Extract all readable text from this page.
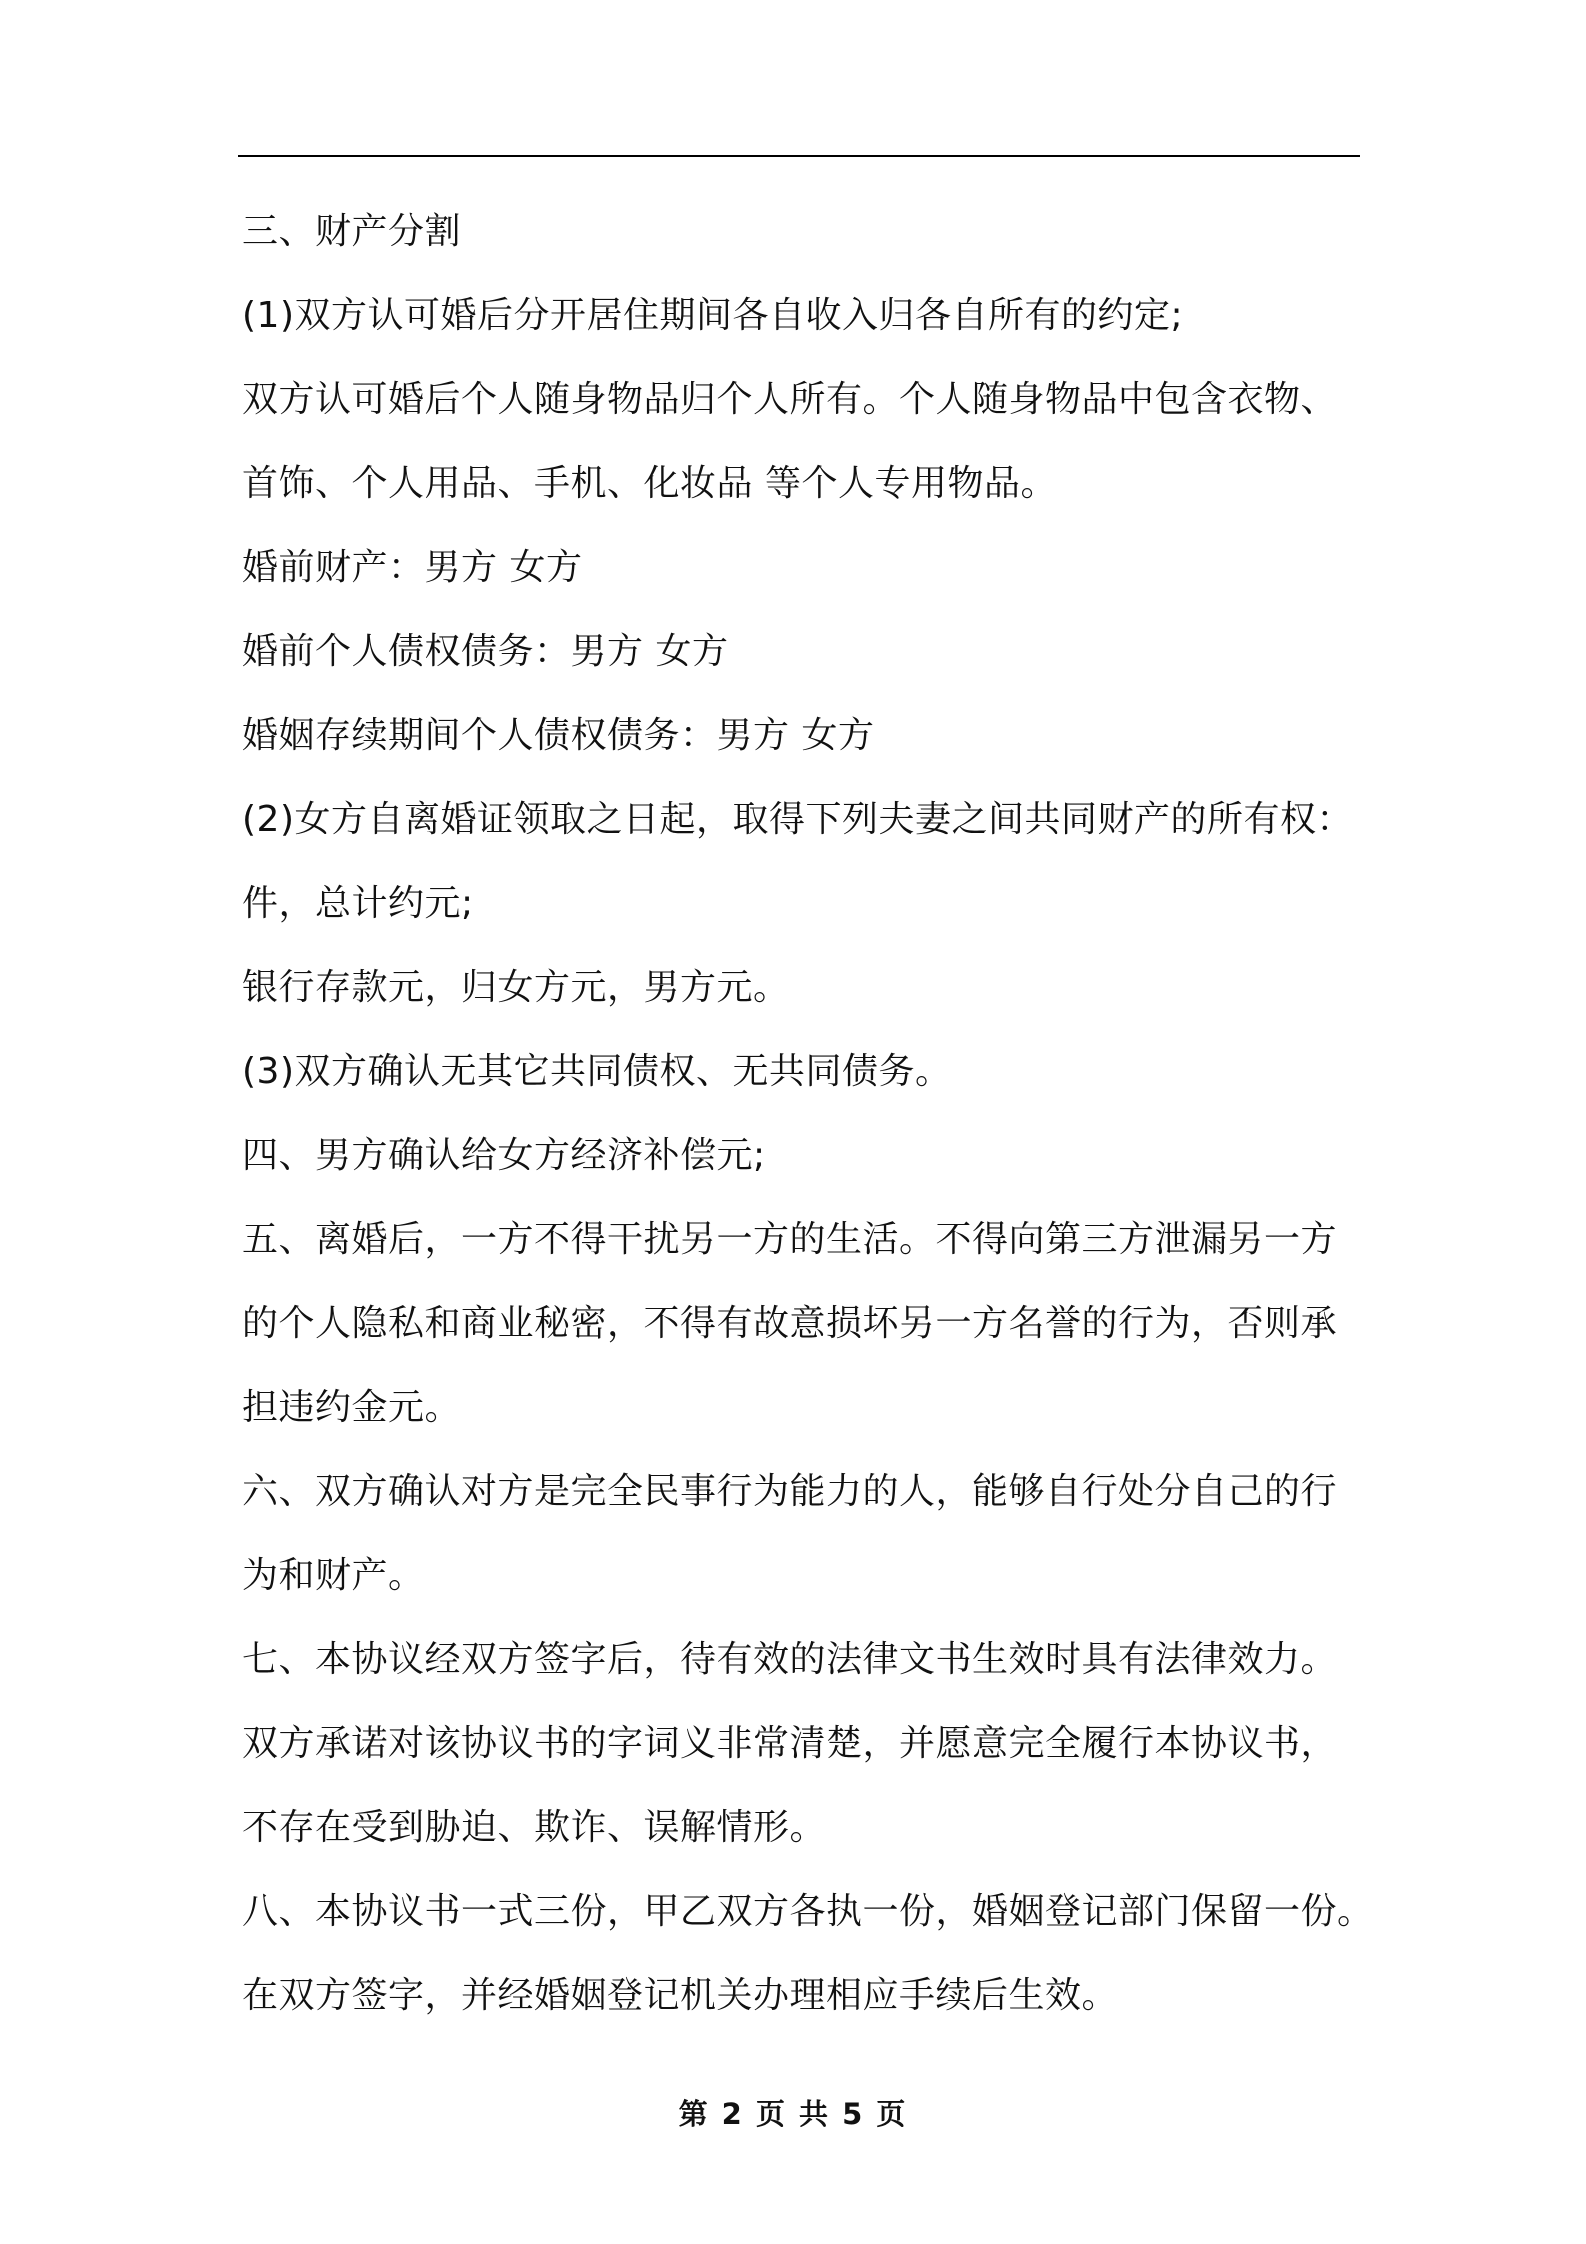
三、财产分割
(1)双方认可婚后分开居住期间各自收入归各自所有的约定;
双方认可婚后个人随身物品归个人所有。个人随身物品中包含衣物、
首饰、个人用品、手机、化妆品 等个人专用物品。
婚前财产：男方 女方
婚前个人债权债务：男方 女方
婚姻存续期间个人债权债务：男方 女方
(2)女方自离婚证领取之日起，取得下列夫妻之间共同财产的所有权：
件，总计约元;
银行存款元，归女方元，男方元。
(3)双方确认无其它共同债权、无共同债务。
四、男方确认给女方经济补偿元;
五、离婚后，一方不得干扰另一方的生活。不得向第三方泄漏另一方
的个人隐私和商业秘密，不得有故意损坏另一方名誉的行为，否则承
担违约金元。
六、双方确认对方是完全民事行为能力的人，能够自行处分自己的行
为和财产。
七、本协议经双方签字后，待有效的法律文书生效时具有法律效力。
双方承诺对该协议书的字词义非常清楚，并愿意完全履行本协议书，
不存在受到胁迫、欺诈、误解情形。
八、本协议书一式三份，甲乙双方各执一份，婚姻登记部门保留一份。
在双方签字，并经婚姻登记机关办理相应手续后生效。
第 2 页 共 5 页
